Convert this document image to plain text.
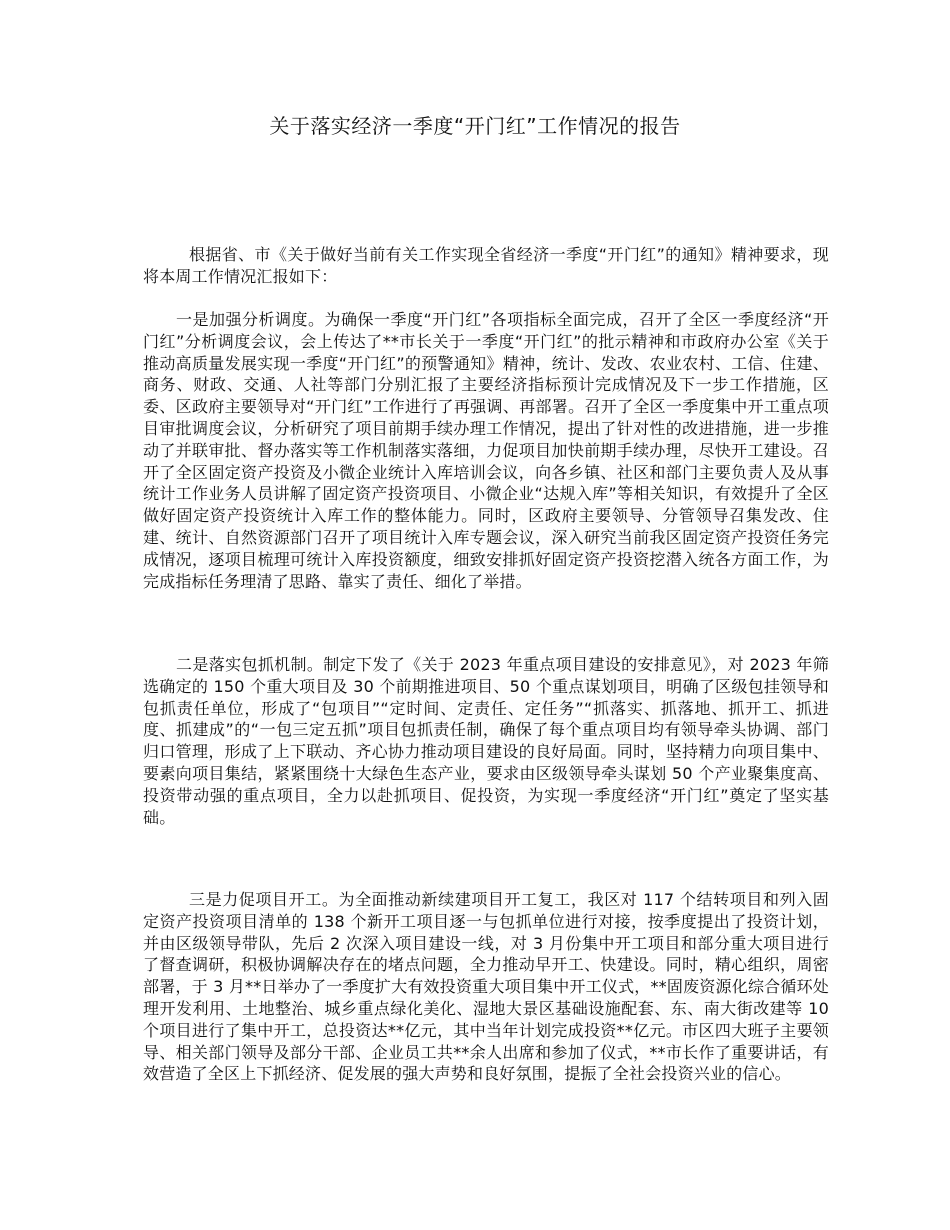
关于落实经济一季度“开门红”工作情况的报告

根据省、市《关于做好当前有关工作实现全省经济一季度“开门红”的通知》精神要求，现将本周工作情况汇报如下：

一是加强分析调度。为确保一季度“开门红”各项指标全面完成，召开了全区一季度经济“开门红”分析调度会议，会上传达了**市长关于一季度“开门红”的批示精神和市政府办公室《关于推动高质量发展实现一季度“开门红”的预警通知》精神，统计、发改、农业农村、工信、住建、商务、财政、交通、人社等部门分别汇报了主要经济指标预计完成情况及下一步工作措施，区委、区政府主要领导对“开门红”工作进行了再强调、再部署。召开了全区一季度集中开工重点项目审批调度会议，分析研究了项目前期手续办理工作情况，提出了针对性的改进措施，进一步推动了并联审批、督办落实等工作机制落实落细，力促项目加快前期手续办理，尽快开工建设。召开了全区固定资产投资及小微企业统计入库培训会议，向各乡镇、社区和部门主要负责人及从事统计工作业务人员讲解了固定资产投资项目、小微企业“达规入库”等相关知识，有效提升了全区做好固定资产投资统计入库工作的整体能力。同时，区政府主要领导、分管领导召集发改、住建、统计、自然资源部门召开了项目统计入库专题会议，深入研究当前我区固定资产投资任务完成情况，逐项目梳理可统计入库投资额度，细致安排抓好固定资产投资挖潜入统各方面工作，为完成指标任务理清了思路、靠实了责任、细化了举措。

二是落实包抓机制。制定下发了《关于 2023 年重点项目建设的安排意见》，对 2023 年筛选确定的 150 个重大项目及 30 个前期推进项目、50 个重点谋划项目，明确了区级包挂领导和包抓责任单位，形成了“包项目”“定时间、定责任、定任务”“抓落实、抓落地、抓开工、抓进度、抓建成”的“一包三定五抓”项目包抓责任制，确保了每个重点项目均有领导牵头协调、部门归口管理，形成了上下联动、齐心协力推动项目建设的良好局面。同时，坚持精力向项目集中、要素向项目集结，紧紧围绕十大绿色生态产业，要求由区级领导牵头谋划 50 个产业聚集度高、投资带动强的重点项目，全力以赴抓项目、促投资，为实现一季度经济“开门红”奠定了坚实基础。

三是力促项目开工。为全面推动新续建项目开工复工，我区对 117 个结转项目和列入固定资产投资项目清单的 138 个新开工项目逐一与包抓单位进行对接，按季度提出了投资计划，并由区级领导带队，先后 2 次深入项目建设一线，对 3 月份集中开工项目和部分重大项目进行了督查调研，积极协调解决存在的堵点问题，全力推动早开工、快建设。同时，精心组织，周密部署，于 3 月**日举办了一季度扩大有效投资重大项目集中开工仪式，**固废资源化综合循环处理开发利用、土地整治、城乡重点绿化美化、湿地大景区基础设施配套、东、南大街改建等 10 个项目进行了集中开工，总投资达**亿元，其中当年计划完成投资**亿元。市区四大班子主要领导、相关部门领导及部分干部、企业员工共**余人出席和参加了仪式，**市长作了重要讲话，有效营造了全区上下抓经济、促发展的强大声势和良好氛围，提振了全社会投资兴业的信心。
